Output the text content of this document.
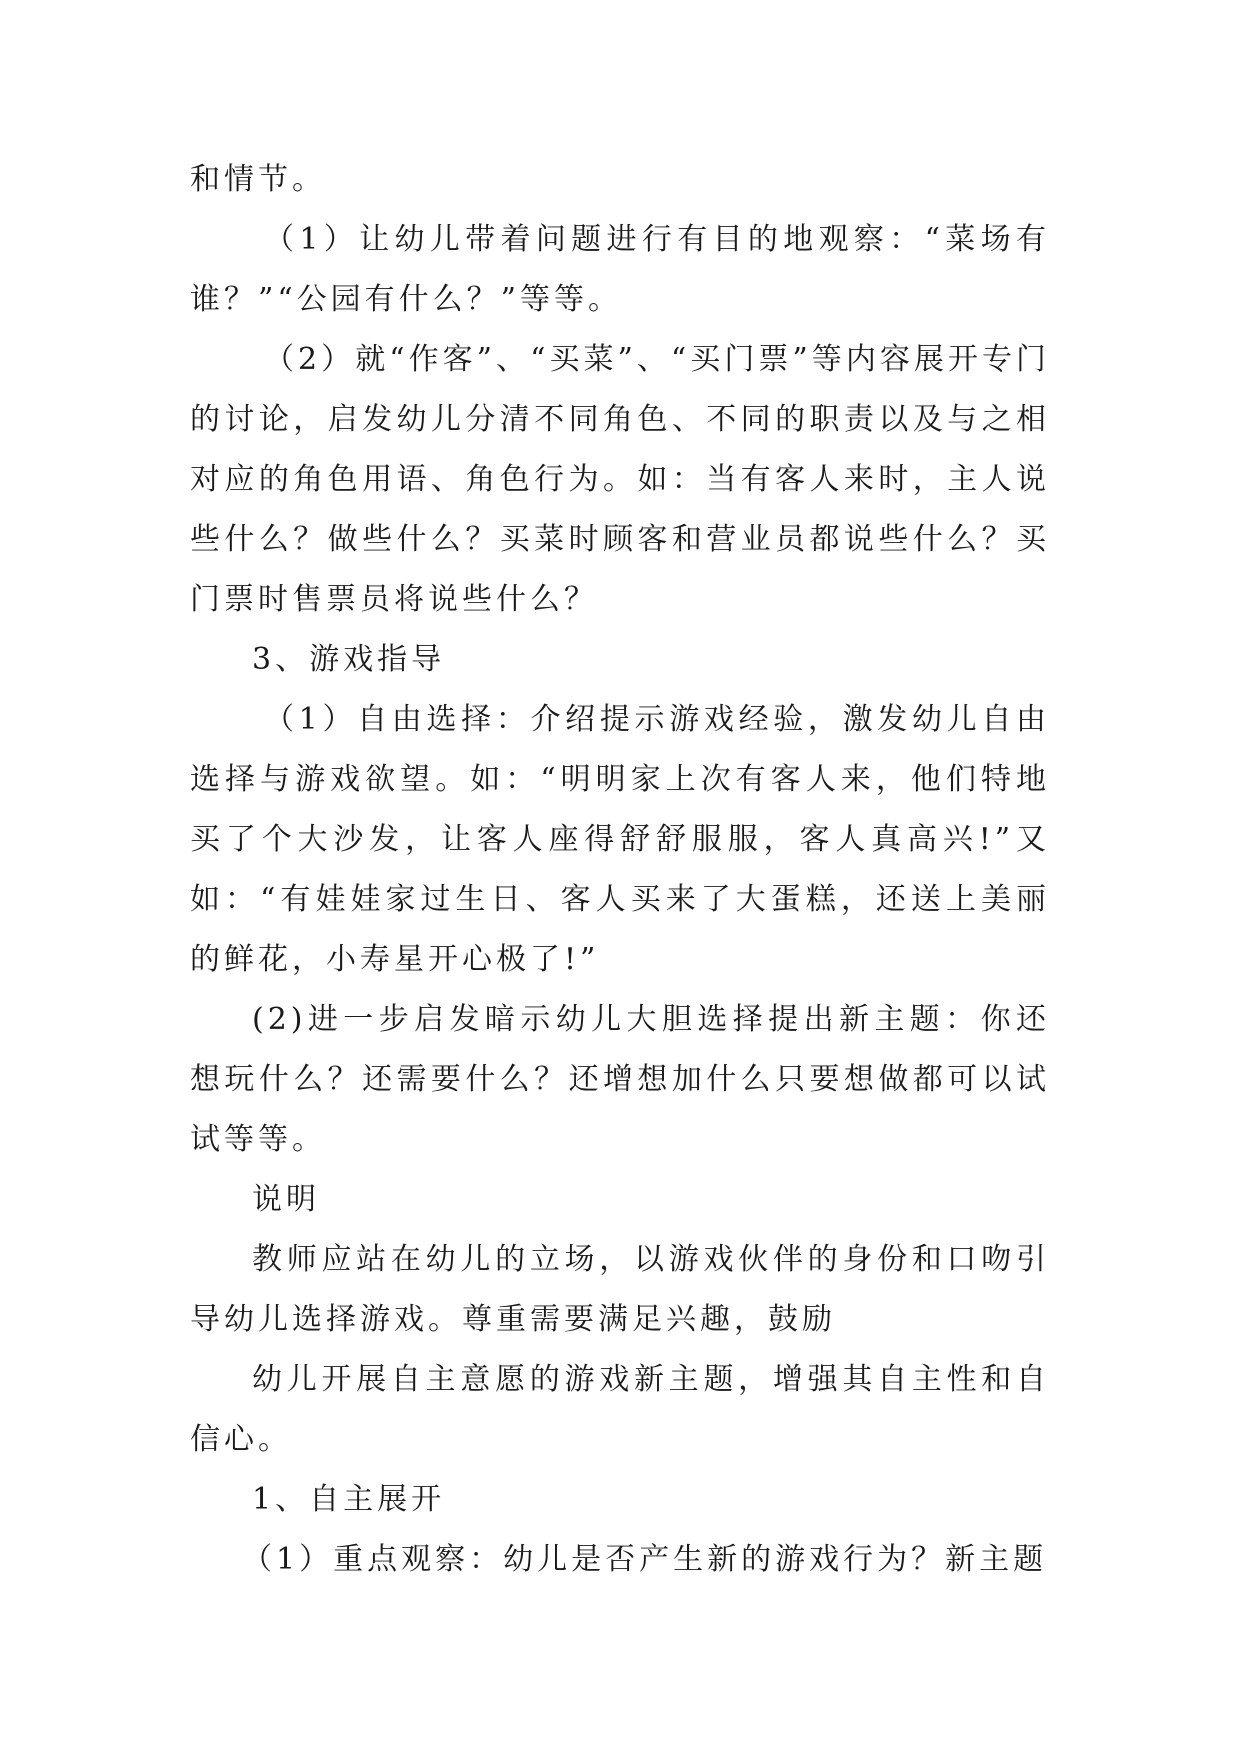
和情节。

（1）让幼儿带着问题进行有目的地观察：“菜场有谁？”“公园有什么？”等等。

（2）就“作客”、“买菜”、“买门票”等内容展开专门的讨论，启发幼儿分清不同角色、不同的职责以及与之相对应的角色用语、角色行为。如：当有客人来时，主人说些什么？做些什么？买菜时顾客和营业员都说些什么？买门票时售票员将说些什么？

3、游戏指导

（1）自由选择：介绍提示游戏经验，激发幼儿自由选择与游戏欲望。如：“明明家上次有客人来，他们特地买了个大沙发，让客人座得舒舒服服，客人真高兴!”又如：“有娃娃家过生日、客人买来了大蛋糕，还送上美丽的鲜花，小寿星开心极了!”

(2)进一步启发暗示幼儿大胆选择提出新主题：你还想玩什么？还需要什么？还增想加什么只要想做都可以试试等等。

说明

教师应站在幼儿的立场，以游戏伙伴的身份和口吻引导幼儿选择游戏。尊重需要满足兴趣，鼓励

幼儿开展自主意愿的游戏新主题，增强其自主性和自信心。

1、自主展开

（1）重点观察：幼儿是否产生新的游戏行为？新主题
